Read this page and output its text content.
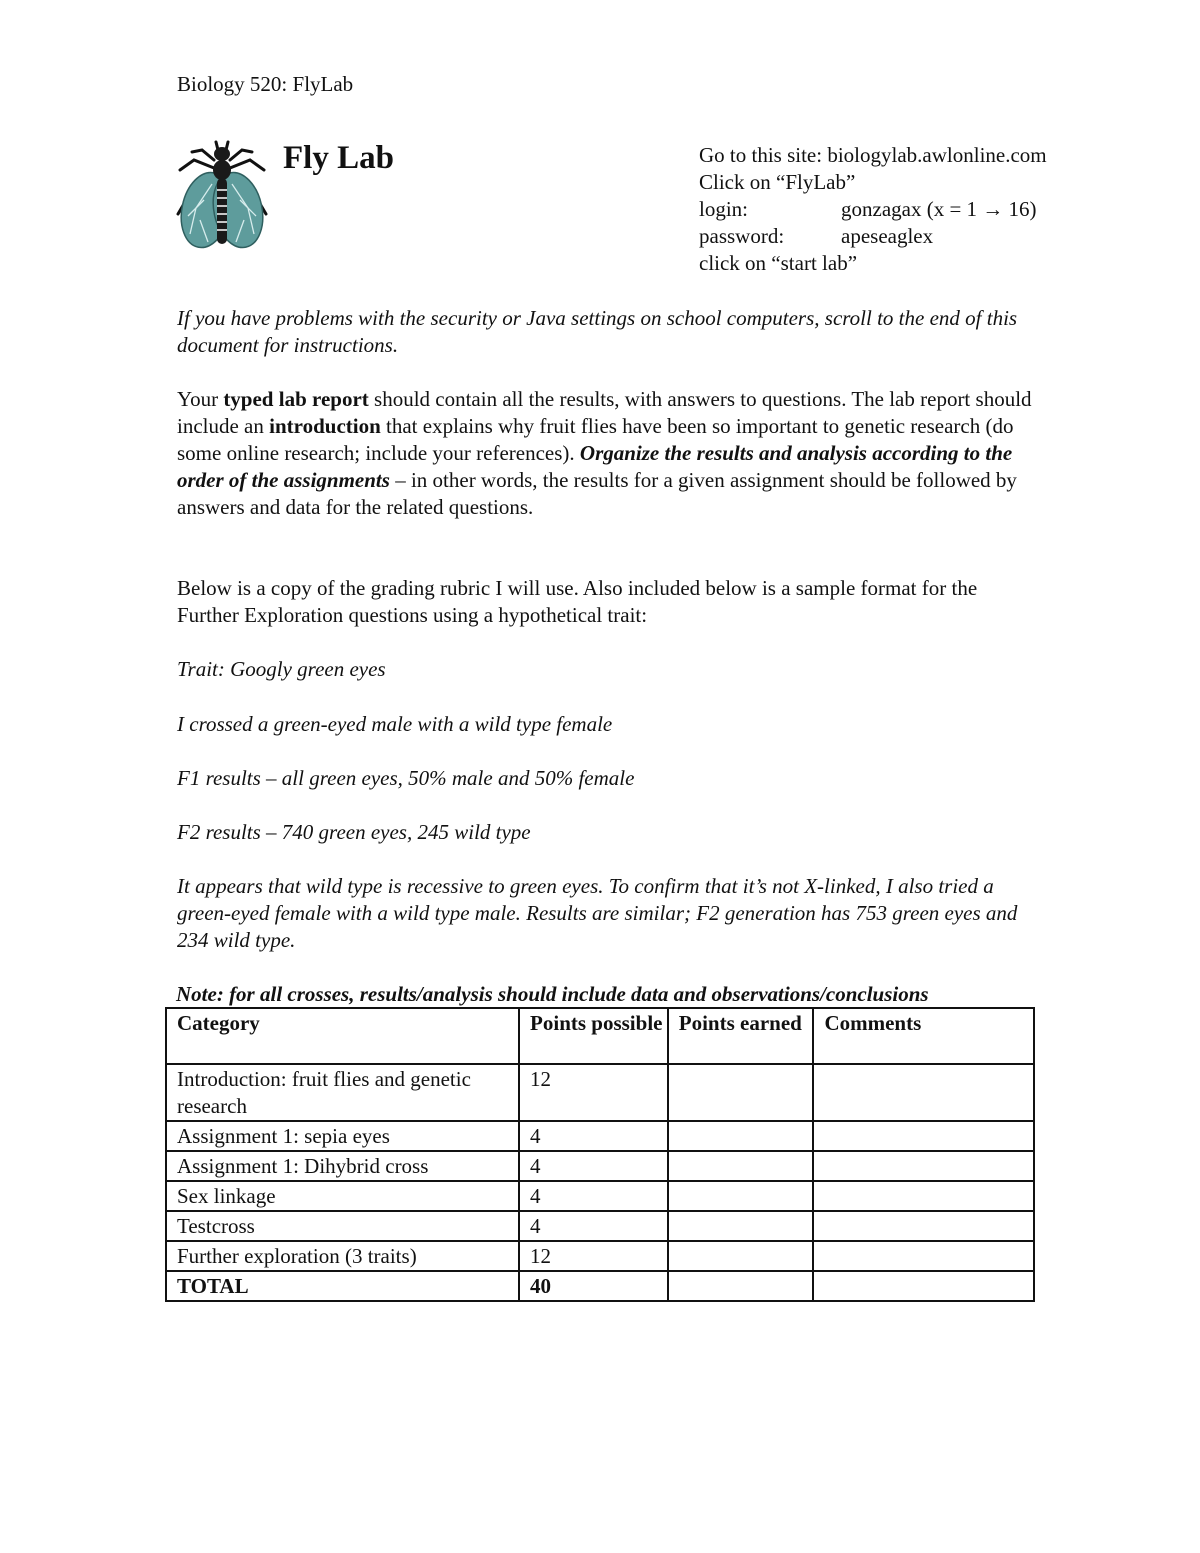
Biology 520: FlyLab
Fly Lab	Go to this site: biologylab.awlonline.com
Click on “FlyLab”
login:	gonzagax (x = 1 → 16)
password:	apeseaglex
click on “start lab”

If you have problems with the security or Java settings on school computers, scroll to the end of this document for instructions.

Your typed lab report should contain all the results, with answers to questions. The lab report should include an introduction that explains why fruit flies have been so important to genetic research (do some online research; include your references). Organize the results and analysis according to the order of the assignments – in other words, the results for a given assignment should be followed by answers and data for the related questions.

Below is a copy of the grading rubric I will use. Also included below is a sample format for the Further Exploration questions using a hypothetical trait:

Trait: Googly green eyes
I crossed a green-eyed male with a wild type female
F1 results – all green eyes, 50% male and 50% female
F2 results – 740 green eyes, 245 wild type
It appears that wild type is recessive to green eyes. To confirm that it’s not X-linked, I also tried a green-eyed female with a wild type male. Results are similar; F2 generation has 753 green eyes and 234 wild type.
Note: for all crosses, results/analysis should include data and observations/conclusions
Category	Points possible	Points earned	Comments
Introduction: fruit flies and genetic research	12		
Assignment 1: sepia eyes	4		
Assignment 1: Dihybrid cross	4		
Sex linkage	4		
Testcross	4		
Further exploration (3 traits)	12		
TOTAL	40		
